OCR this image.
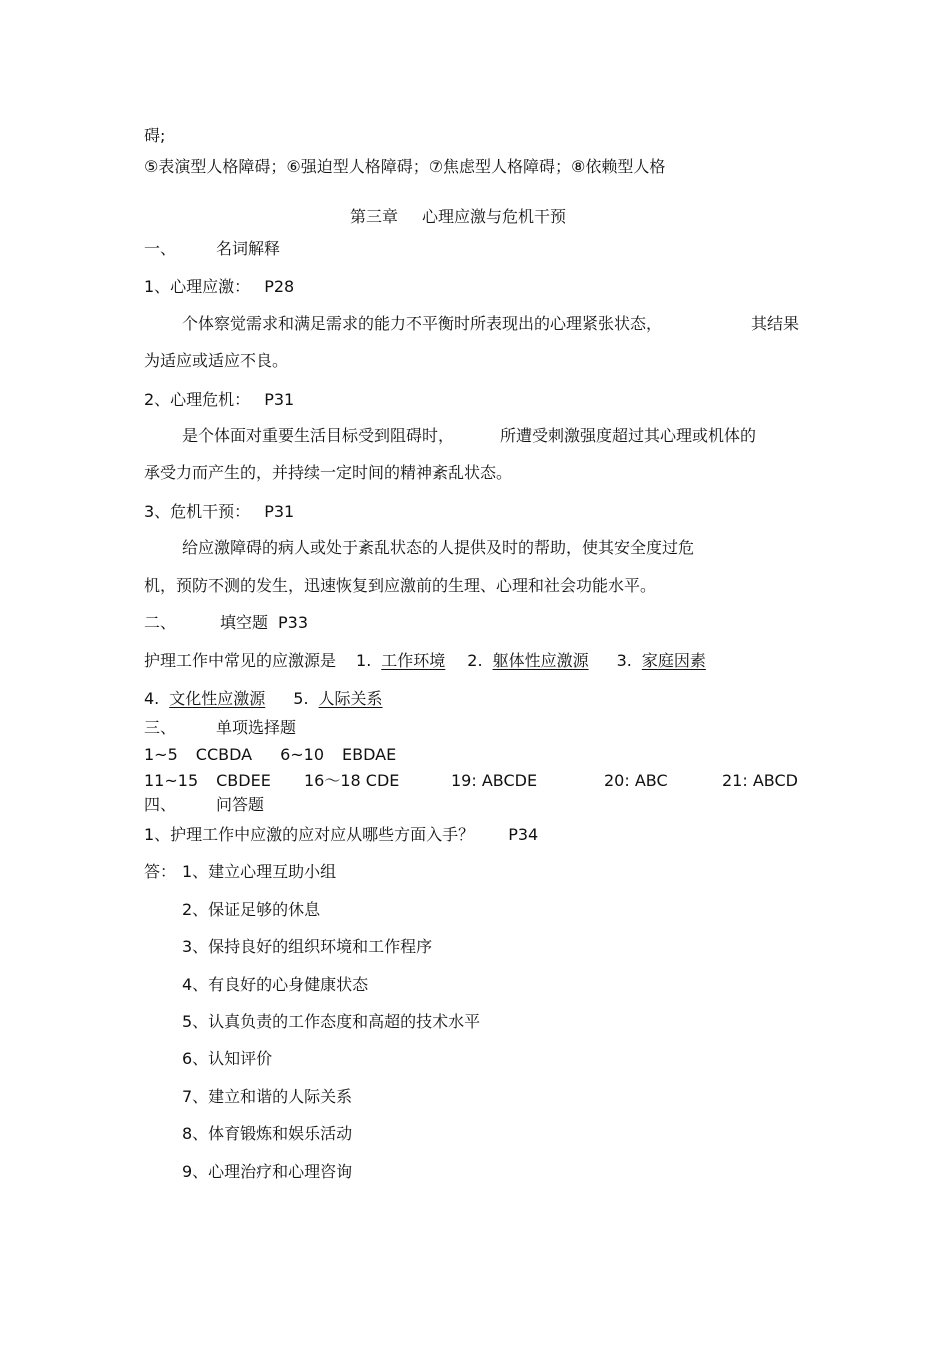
碍;
⑤表演型人格障碍；⑥强迫型人格障碍；⑦焦虑型人格障碍；⑧依赖型人格
第三章 心理应激与危机干预
一、	名词解释
1、心理应激： P28
个体察觉需求和满足需求的能力不平衡时所表现出的心理紧张状态，	其结果
为适应或适应不良。
2、心理危机： P31
是个体面对重要生活目标受到阻碍时，	所遭受刺激强度超过其心理或机体的
承受力而产生的，并持续一定时间的精神紊乱状态。
3、危机干预： P31
给应激障碍的病人或处于紊乱状态的人提供及时的帮助，使其安全度过危
机，预防不测的发生，迅速恢复到应激前的生理、心理和社会功能水平。
二、	填空题 P33
护理工作中常见的应激源是 1. 工作环境 2. 躯体性应激源 3. 家庭因素
4. 文化性应激源 5. 人际关系
三、	单项选择题
1~5 CCBDA 6~10 EBDAE
11~15 CBDEE 16～18 CDE	19: ABCDE	20: ABC	21: ABCD
四、	问答题
1、护理工作中应激的应对应从哪些方面入手？ P34
答： 1、建立心理互助小组
2、保证足够的休息
3、保持良好的组织环境和工作程序
4、有良好的心身健康状态
5、认真负责的工作态度和高超的技术水平
6、认知评价
7、建立和谐的人际关系
8、体育锻炼和娱乐活动
9、心理治疗和心理咨询
